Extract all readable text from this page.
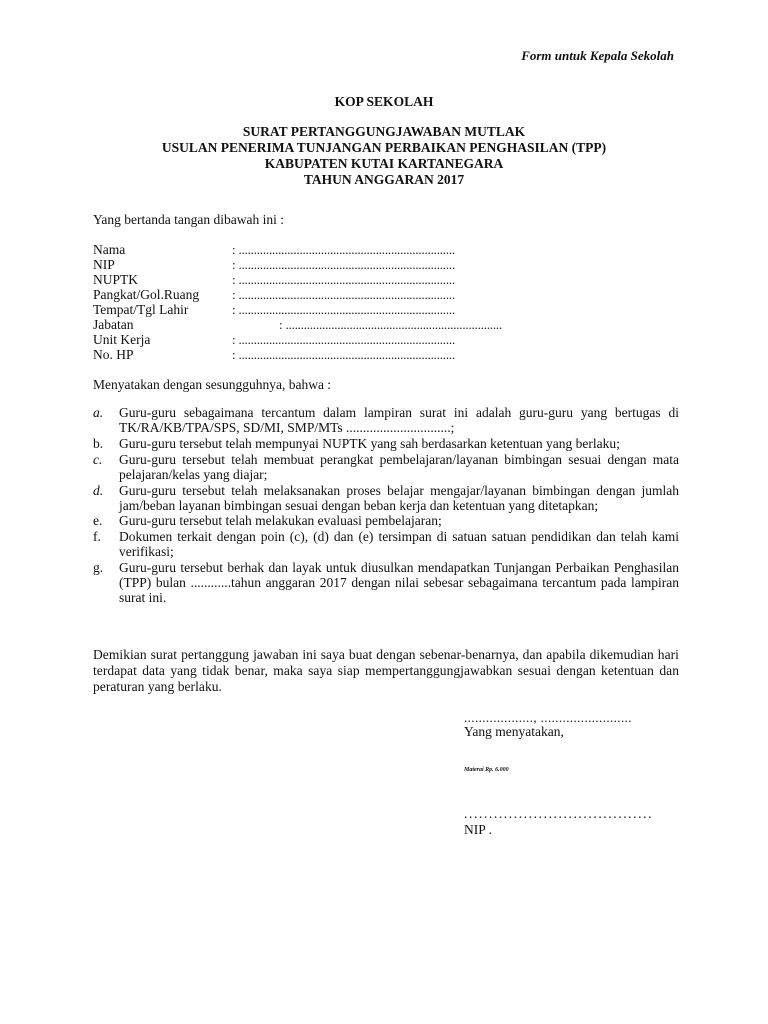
Form untuk Kepala Sekolah
KOP SEKOLAH
SURAT PERTANGGUNGJAWABAN MUTLAK
USULAN PENERIMA TUNJANGAN PERBAIKAN PENGHASILAN (TPP)
KABUPATEN KUTAI KARTANEGARA
TAHUN ANGGARAN 2017
Yang bertanda tangan dibawah ini :
Nama	: .......................................................................
NIP	: .......................................................................
NUPTK	: .......................................................................
Pangkat/Gol.Ruang	: .......................................................................
Tempat/Tgl Lahir	: .......................................................................
Jabatan	: .......................................................................
Unit Kerja	: .......................................................................
No. HP	: .......................................................................
Menyatakan dengan sesungguhnya, bahwa :
a.	Guru-guru sebagaimana tercantum dalam lampiran surat ini adalah guru-guru yang bertugas di TK/RA/KB/TPA/SPS, SD/MI, SMP/MTs ...............................;
b.	Guru-guru tersebut telah mempunyai NUPTK yang sah berdasarkan ketentuan yang berlaku;
c.	Guru-guru tersebut telah membuat perangkat pembelajaran/layanan bimbingan sesuai dengan mata pelajaran/kelas yang diajar;
d.	Guru-guru tersebut telah melaksanakan proses belajar mengajar/layanan bimbingan dengan jumlah jam/beban layanan bimbingan sesuai dengan beban kerja dan ketentuan yang ditetapkan;
e.	Guru-guru tersebut telah melakukan evaluasi pembelajaran;
f.	Dokumen terkait dengan poin (c), (d) dan (e) tersimpan di satuan satuan pendidikan dan telah kami verifikasi;
g.	Guru-guru tersebut berhak dan layak untuk diusulkan mendapatkan Tunjangan Perbaikan Penghasilan (TPP) bulan ............tahun anggaran 2017 dengan nilai sebesar sebagaimana tercantum pada lampiran surat ini.
Demikian surat pertanggung jawaban ini saya buat dengan sebenar-benarnya, dan apabila dikemudian hari terdapat data yang tidak benar, maka saya siap mempertanggungjawabkan sesuai dengan ketentuan dan peraturan yang berlaku.
..................., .........................
Yang menyatakan,
Materai Rp. 6.000
......................................
NIP .
